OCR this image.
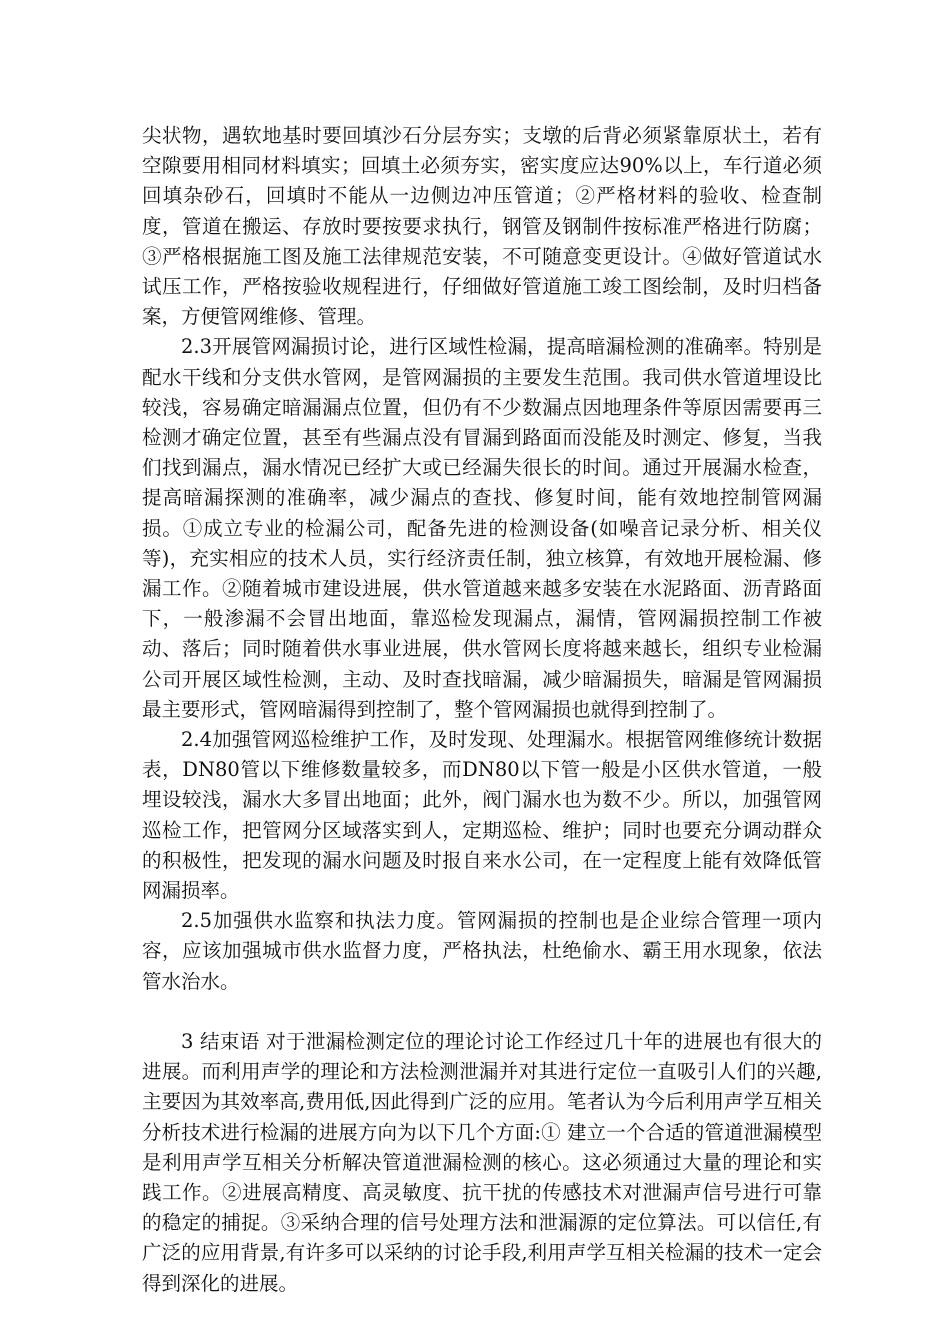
尖状物，遇软地基时要回填沙石分层夯实；支墩的后背必须紧靠原状土，若有空隙要用相同材料填实；回填土必须夯实，密实度应达90%以上，车行道必须回填杂砂石，回填时不能从一边侧边冲压管道；②严格材料的验收、检查制度，管道在搬运、存放时要按要求执行，钢管及钢制件按标准严格进行防腐；③严格根据施工图及施工法律规范安装，不可随意变更设计。④做好管道试水试压工作，严格按验收规程进行，仔细做好管道施工竣工图绘制，及时归档备案，方便管网维修、管理。

2.3开展管网漏损讨论，进行区域性检漏，提高暗漏检测的准确率。特别是配水干线和分支供水管网，是管网漏损的主要发生范围。我司供水管道埋设比较浅，容易确定暗漏漏点位置，但仍有不少数漏点因地理条件等原因需要再三检测才确定位置，甚至有些漏点没有冒漏到路面而没能及时测定、修复，当我们找到漏点，漏水情况已经扩大或已经漏失很长的时间。通过开展漏水检查，提高暗漏探测的准确率，减少漏点的查找、修复时间，能有效地控制管网漏损。①成立专业的检漏公司，配备先进的检测设备(如噪音记录分析、相关仪等)，充实相应的技术人员，实行经济责任制，独立核算，有效地开展检漏、修漏工作。②随着城市建设进展，供水管道越来越多安装在水泥路面、沥青路面下，一般渗漏不会冒出地面，靠巡检发现漏点，漏情，管网漏损控制工作被动、落后；同时随着供水事业进展，供水管网长度将越来越长，组织专业检漏公司开展区域性检测，主动、及时查找暗漏，减少暗漏损失，暗漏是管网漏损最主要形式，管网暗漏得到控制了，整个管网漏损也就得到控制了。

2.4加强管网巡检维护工作，及时发现、处理漏水。根据管网维修统计数据表，DN80管以下维修数量较多，而DN80以下管一般是小区供水管道，一般埋设较浅，漏水大多冒出地面；此外，阀门漏水也为数不少。所以，加强管网巡检工作，把管网分区域落实到人，定期巡检、维护；同时也要充分调动群众的积极性，把发现的漏水问题及时报自来水公司，在一定程度上能有效降低管网漏损率。

2.5加强供水监察和执法力度。管网漏损的控制也是企业综合管理一项内容，应该加强城市供水监督力度，严格执法，杜绝偷水、霸王用水现象，依法管水治水。

3 结束语 对于泄漏检测定位的理论讨论工作经过几十年的进展也有很大的进展。而利用声学的理论和方法检测泄漏并对其进行定位一直吸引人们的兴趣,主要因为其效率高,费用低,因此得到广泛的应用。笔者认为今后利用声学互相关分析技术进行检漏的进展方向为以下几个方面:① 建立一个合适的管道泄漏模型是利用声学互相关分析解决管道泄漏检测的核心。这必须通过大量的理论和实践工作。②进展高精度、高灵敏度、抗干扰的传感技术对泄漏声信号进行可靠的稳定的捕捉。③采纳合理的信号处理方法和泄漏源的定位算法。可以信任,有广泛的应用背景,有许多可以采纳的讨论手段,利用声学互相关检漏的技术一定会得到深化的进展。
